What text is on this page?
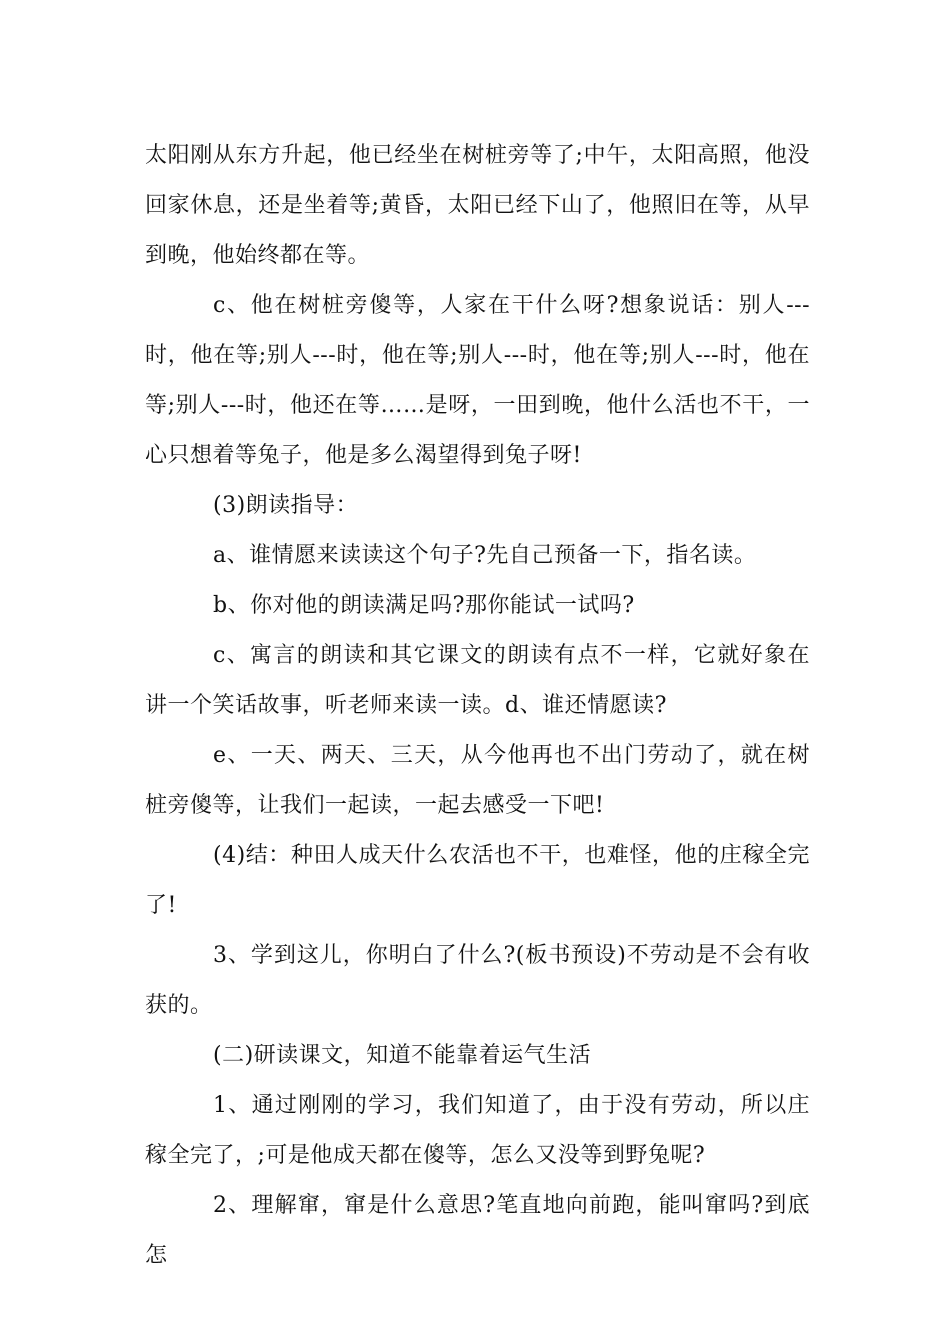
太阳刚从东方升起，他已经坐在树桩旁等了;中午，太阳高照，他没回家休息，还是坐着等;黄昏，太阳已经下山了，他照旧在等，从早到晚，他始终都在等。

c、他在树桩旁傻等，人家在干什么呀?想象说话：别人---时，他在等;别人---时，他在等;别人---时，他在等;别人---时，他在等;别人---时，他还在等……是呀，一田到晚，他什么活也不干，一心只想着等兔子，他是多么渴望得到兔子呀!

(3)朗读指导：

a、谁情愿来读读这个句子?先自己预备一下，指名读。

b、你对他的朗读满足吗?那你能试一试吗?

c、寓言的朗读和其它课文的朗读有点不一样，它就好象在讲一个笑话故事，听老师来读一读。d、谁还情愿读?

e、一天、两天、三天，从今他再也不出门劳动了，就在树桩旁傻等，让我们一起读，一起去感受一下吧!

(4)结：种田人成天什么农活也不干，也难怪，他的庄稼全完了!

3、学到这儿，你明白了什么?(板书预设)不劳动是不会有收获的。

(二)研读课文，知道不能靠着运气生活

1、通过刚刚的学习，我们知道了，由于没有劳动，所以庄稼全完了，;可是他成天都在傻等，怎么又没等到野兔呢?

2、理解窜，窜是什么意思?笔直地向前跑，能叫窜吗?到底怎
